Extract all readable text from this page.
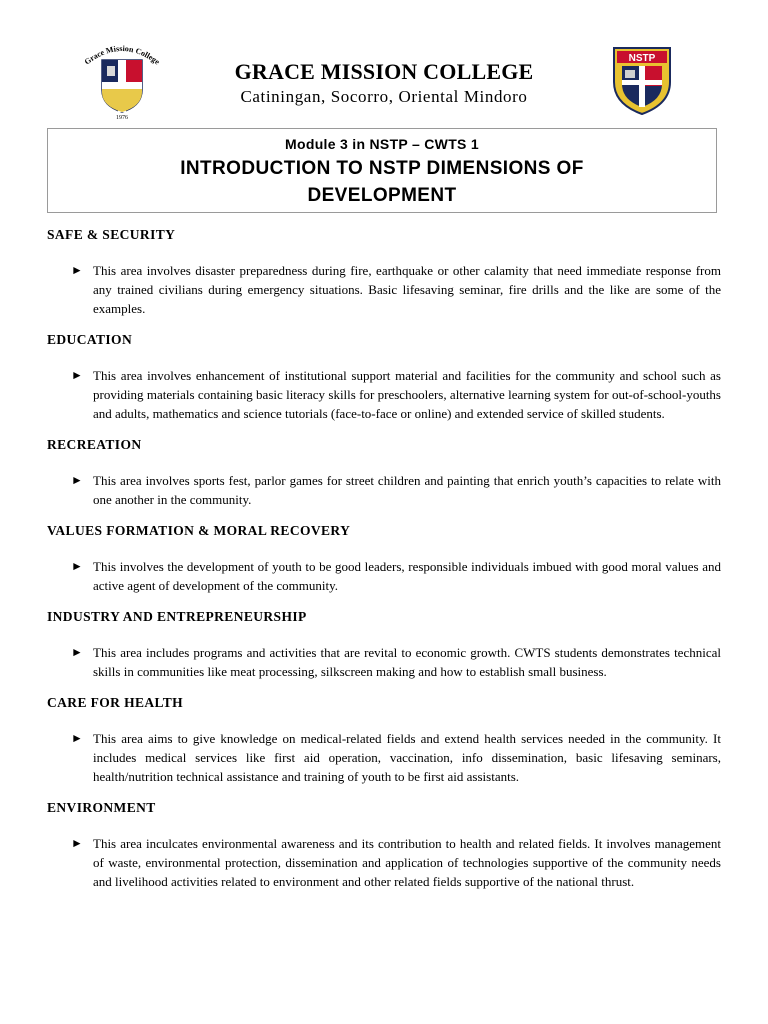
Grace Mission College
1976
GRACE MISSION COLLEGE
Catiningan, Socorro, Oriental Mindoro
NSTP
Module 3 in NSTP – CWTS 1
INTRODUCTION TO NSTP DIMENSIONS OF DEVELOPMENT
SAFE & SECURITY
► This area involves disaster preparedness during fire, earthquake or other calamity that need immediate response from any trained civilians during emergency situations. Basic lifesaving seminar, fire drills and the like are some of the examples.
EDUCATION
► This area involves enhancement of institutional support material and facilities for the community and school such as providing materials containing basic literacy skills for preschoolers, alternative learning system for out-of-school-youths and adults, mathematics and science tutorials (face-to-face or online) and extended service of skilled students.
RECREATION
► This area involves sports fest, parlor games for street children and painting that enrich youth’s capacities to relate with one another in the community.
VALUES FORMATION & MORAL RECOVERY
► This involves the development of youth to be good leaders, responsible individuals imbued with good moral values and active agent of development of the community.
INDUSTRY AND ENTREPRENEURSHIP
► This area includes programs and activities that are revital to economic growth. CWTS students demonstrates technical skills in communities like meat processing, silkscreen making and how to establish small business.
CARE FOR HEALTH
► This area aims to give knowledge on medical-related fields and extend health services needed in the community. It includes medical services like first aid operation, vaccination, info dissemination, basic lifesaving seminars, health/nutrition technical assistance and training of youth to be first aid assistants.
ENVIRONMENT
► This area inculcates environmental awareness and its contribution to health and related fields. It involves management of waste, environmental protection, dissemination and application of technologies supportive of the community needs and livelihood activities related to environment and other related fields supportive of the national thrust.
